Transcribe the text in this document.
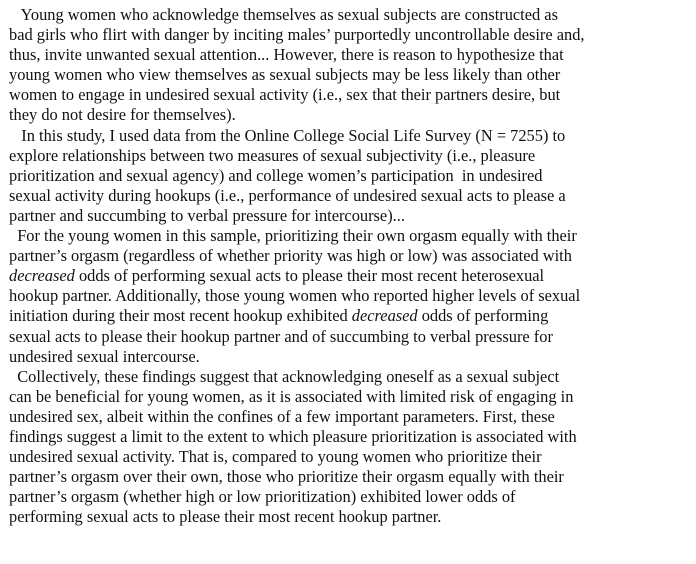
Young women who acknowledge themselves as sexual subjects are constructed as
bad girls who flirt with danger by inciting males’ purportedly uncontrollable desire and,
thus, invite unwanted sexual attention... However, there is reason to hypothesize that
young women who view themselves as sexual subjects may be less likely than other
women to engage in undesired sexual activity (i.e., sex that their partners desire, but
they do not desire for themselves).

In this study, I used data from the Online College Social Life Survey (N = 7255) to
explore relationships between two measures of sexual subjectivity (i.e., pleasure
prioritization and sexual agency) and college women’s participation  in undesired
sexual activity during hookups (i.e., performance of undesired sexual acts to please a
partner and succumbing to verbal pressure for intercourse)...

For the young women in this sample, prioritizing their own orgasm equally with their
partner’s orgasm (regardless of whether priority was high or low) was associated with
decreased odds of performing sexual acts to please their most recent heterosexual
hookup partner. Additionally, those young women who reported higher levels of sexual
initiation during their most recent hookup exhibited decreased odds of performing
sexual acts to please their hookup partner and of succumbing to verbal pressure for
undesired sexual intercourse.

Collectively, these findings suggest that acknowledging oneself as a sexual subject
can be beneficial for young women, as it is associated with limited risk of engaging in
undesired sex, albeit within the confines of a few important parameters. First, these
findings suggest a limit to the extent to which pleasure prioritization is associated with
undesired sexual activity. That is, compared to young women who prioritize their
partner’s orgasm over their own, those who prioritize their orgasm equally with their
partner’s orgasm (whether high or low prioritization) exhibited lower odds of
performing sexual acts to please their most recent hookup partner.
